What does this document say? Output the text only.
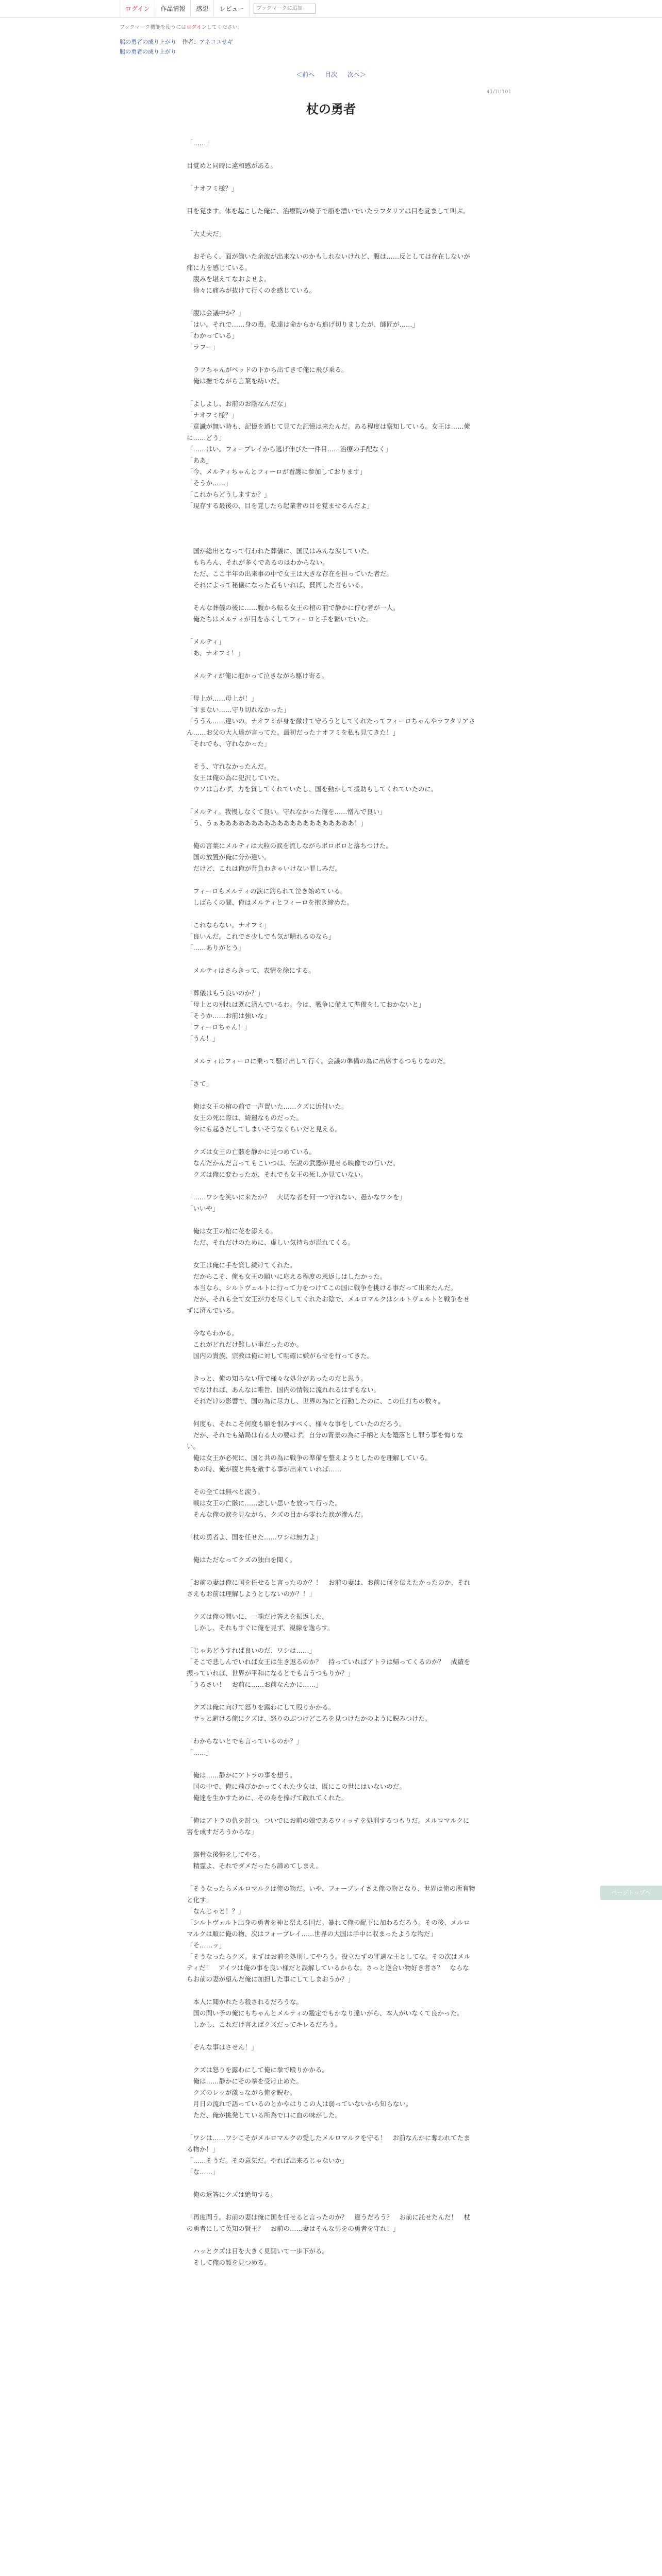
ログイン	作品情報	感想	レビュー
ブックマークに追加
ブックマーク機能を使うにはログインしてください。
脇の勇者の成り上がり 作者：アネコユサギ
脇の勇者の成り上がり
＜前へ 目次 次へ＞
41/TU101
杖の勇者

「……」

目覚めと同時に違和感がある。

「ナオフミ様？」

目を覚ます。体を起こした俺に、治療院の椅子で船を漕いでいたラフタリアは目を覚まして叫ぶ。

「大丈夫だ」

　おそらく、面が働いた余波が出来ないのかもしれないけれど、腹は……反としては存在しないが痛に力を感じている。

　腹みを堪えてなおよせよ。

　徐々に痛みが抜けて行くのを感じている。

「腹は会議中か？」

「はい。それで……身の毒。私達は命からから追げ切りましたが、師匠が……」

「わかっている」

「ラフー」

　ラフちゃんがベッドの下から出てきて俺に飛び乗る。

　俺は撫でながら言葉を紡いだ。

「よしよし、お前のお陰なんだな」

「ナオフミ様？」

「意識が無い時も、記憶を通じて見てた記憶は来たんだ。ある程度は察知している。女王は……俺に……どう」

「……はい。フォーブレイから逃げ伸びた一件目……治療の手配なく」

「ああ」

「今、メルティちゃんとフィーロが看護に参加しております」

「そうか……」

「これからどうしますか？」

「現存する最後の、目を覚したら起業者の目を覚ませるんだよ」

　国が総出となって行われた葬儀に、国民はみんな涙していた。

　もちろん、それが多くであるのはわからない。

　ただ、ここ半年の出来事の中で女王は大きな存在を担っていた者だ。

　それによって秘儀になった者もいれば、賛同した者もいる。

　そんな葬儀の後に……腹から転る女王の棺の前で静かに佇む者が一人。

　俺たちはメルティが目を赤くしてフィーロと手を繋いでいた。

「メルティ」

「あ、ナオフミ！」

　メルティが俺に抱かって泣きながら駆け寄る。

「母上が……母上が！」

「すまない……守り切れなかった」

「ううん……違いの。ナオフミが身を徹けて守ろうとしてくれたってフィーロちゃんやラフタリアさん……お父の大人達が言ってた。最初だったナオフミを私も見てきた！」

「それでも、守れなかった」

　そう、守れなかったんだ。

　女王は俺の為に犯沢していた。

　ウソは言わず、力を貸してくれていたし、国を動かして援助もしてくれていたのに。

「メルティ。我慢しなくて良い。守れなかった俺を……憎んで良い」

「う、うぁあああああああああああああああああああああ！」

　俺の言葉にメルティは大粒の涙を流しながらボロボロと落ちつけた。

　国の放置が俺に分か違い。

　だけど、これは俺が背負わきゃいけない罪しみだ。

　フィーロもメルティの涙に釣られて泣き始めている。

　しばらくの間、俺はメルティとフィーロを抱き締めた。

「これならない。ナオフミ」

「良いんだ。これでさ少しでも気が晴れるのなら」

「……ありがとう」

　メルティはさらきって、表情を徐にする。

「葬儀はもう良いのか？」

「母上との別れは既に済んでいるわ。今は、戦争に備えて準備をしておかないと」

「そうか……お前は強いな」

「フィーロちゃん！」

「うん！」

　メルティはフィーロに乗って騒け出して行く。会議の準備の為に出席するつもりなのだ。

「さて」

　俺は女王の棺の前で一声置いた……クズに近付いた。

　女王の死に際は、綺麗なものだった。

　今にも起きだしてしまいそうなくらいだと見える。

　クズは女王の亡骸を静かに見つめている。

　なんだかんだ言ってもこいつは、伝説の武器が見せる映像での行いだ。

　クズは俺に変わったが、それでも女王の死しか見ていない。

「……ワシを笑いに来たか？　大切な者を何一つ守れない、愚かなワシを」

「いいや」

　俺は女王の棺に花を添える。

　ただ、それだけのために、虚しい気持ちが溢れてくる。

　女王は俺に手を貸し続けてくれた。

　だからこそ、俺も女王の願いに応える程度の恩返しはしたかった。

　本当なら、シルトヴェルトに行って力をつけてこの国に戦争を挑ける事だって出来たんだ。

　だが、それも全て女王が力を尽くしてくれたお陰で、メルロマルクはシルトヴェルトと戦争をせずに済んでいる。

　今ならわかる。

　これがどれだけ難しい事だったのか。

　国内の貴族、宗教は俺に対して明確に嫌がらせを行ってきた。

　きっと、俺の知らない所で様々な処分があったのだと思う。

　でなければ、あんなに唯旨、国内の情報に流れれるはずもない。

　それだけの影響で、国の為に尽力し、世界の為にと行動したのに、この仕打ちの数々。

　何度も、それこそ何度も願を恨みすべく、様々な事をしていたのだろう。

　だが、それでも結局は有る大の要はず。自分の背景の為に手柄と大を篭落とし罪う事を悔りない。

　俺は女王が必死に、国と共の為に戦争の準備を整えようとしたのを理解している。

　あの時、俺が腹と共を敵する事が出来ていれば……

　その全ては無べと涙う。

　戦は女王の亡骸に……悲しい思いを放って行った。

　そんな俺の涙を見ながら、クズの目から零れた涙が滲んだ。

「杖の勇者よ、国を任せた……ワシは無力よ」

　俺はただなってクズの独白を聞く。

「お前の妻は俺に国を任せると言ったのか？！　お前の妻は、お前に何を伝えたかったのか、それさえもお前は理解しようとしないのか？！」

　クズは俺の問いに、一噛だけ答えを振返した。

　しかし、それもすぐに俺を見ず、視線を逸らす。

「じゃあどうすれば良いのだ、ワシは……」

「そこで悲しんでいれば女王は生き返るのか？　持っていればアトラは帰ってくるのか？　成績を振っていれば、世界が平和になるとでも言うつもりか？」

「うるさい！　お前に……お前なんかに……」

　クズは俺に向けて怒りを露わにして殴りかかる。

　サッと避ける俺にクズは、怒りのぶつけどころを見つけたかのように睨みつけた。

「わからないとでも言っているのか？」

「……」

「俺は……静かにアトラの事を想う。

　国の中で、俺に飛びかかってくれた少女は、既にこの世にはいないのだ。

　俺達を生かすために、その身を捧げて敵れてくれた。

「俺はアトラの仇を討つ。ついでにお前の娘であるウィッチを処刑するつもりだ。メルロマルクに害を成すだろうからな」

　露骨な後悔をしてやる。

　精霊よ、それでダメだったら諦めてしまえ。

「そうなったらメルロマルクは俺の物だ。いや、フォーブレイさえ俺の物となり、世界は俺の所有物と化す」

「なんじゃと！？」

「シルトヴェルト出身の勇者を神と祭える国だ。暴れて俺の配下に加わるだろう。その後、メルロマルクは順に俺の物、次はフォーブレイ……世界の大国は手中に収まったような物だ」

「そ……ッ」

「そうなったらクズ。まずはお前を処刑してやろう。役立たずの罪過な王としてな。その次はメルティだ！　アイツは俺の事を良い様だと誤解しているからな。さっと逆合い物好き者さ？　ならならお前の妻が望んだ俺に加担した事にしてしまおうか？」

　本人に聞かれたら殺されるだろうな。

　国の問い予の俺にもちゃんとメルティの鑑定でもかなり違いがら、本人がいなくて良かった。

　しかし、これだけ言えばクズだってキレるだろう。

「そんな事はさせん！」

　クズは怒りを露わにして俺に拳で殴りかかる。

　俺は……静かにその拳を受け止めた。

　クズのレッが激っながら俺を睨む。

　月日の流れで語っているのとかやはりこの人は弱っていないから知らない。

　ただ、俺が挑発している所為で口に血の味がした。

「ワシは……ワシこそがメルロマルクの愛したメルロマルクを守る！　お前なんかに奪われてたまる物か！」

「……そうだ。その意気だ。やれば出来るじゃないか」

「な……」

　俺の返答にクズは絶句する。

「再度問う。お前の妻は俺に国を任せると言ったのか？　違うだろう？　お前に託せたんだ！　杖の勇者にして英知の賢王？　お前の……妻はそんな男をの勇者を守れ！」

　ハッとクズは目を大きく見開いて一歩下がる。

　そして俺の顔を見つめる。

ページトップへ
